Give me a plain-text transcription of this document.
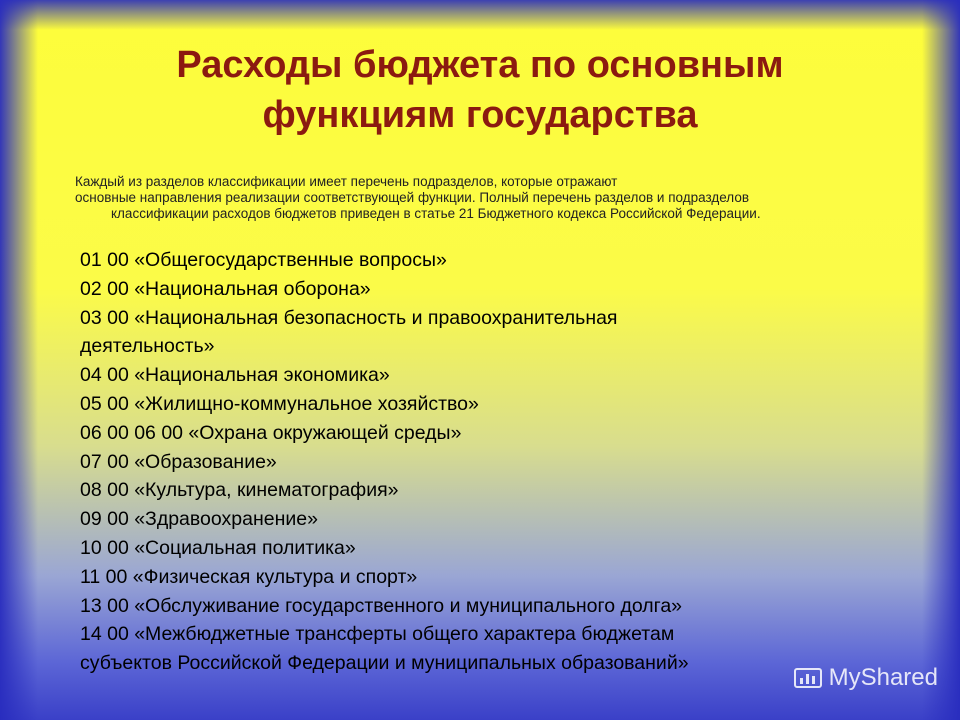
Расходы бюджета по основным
функциям государства
Каждый из разделов классификации имеет перечень подразделов, которые отражают
основные направления реализации соответствующей функции. Полный перечень разделов и подразделов
классификации расходов бюджетов приведен в статье 21 Бюджетного кодекса Российской Федерации.
01 00 «Общегосударственные вопросы»
02 00 «Национальная оборона»
03 00 «Национальная безопасность и правоохранительная
деятельность»
04 00 «Национальная экономика»
05 00 «Жилищно-коммунальное хозяйство»
06 00 06 00 «Охрана окружающей среды»
07 00 «Образование»
08 00 «Культура, кинематография»
09 00 «Здравоохранение»
10 00 «Социальная политика»
11 00 «Физическая культура и спорт»
13 00 «Обслуживание государственного и муниципального долга»
14 00 «Межбюджетные трансферты общего характера бюджетам
субъектов Российской Федерации и муниципальных образований»
MyShared
